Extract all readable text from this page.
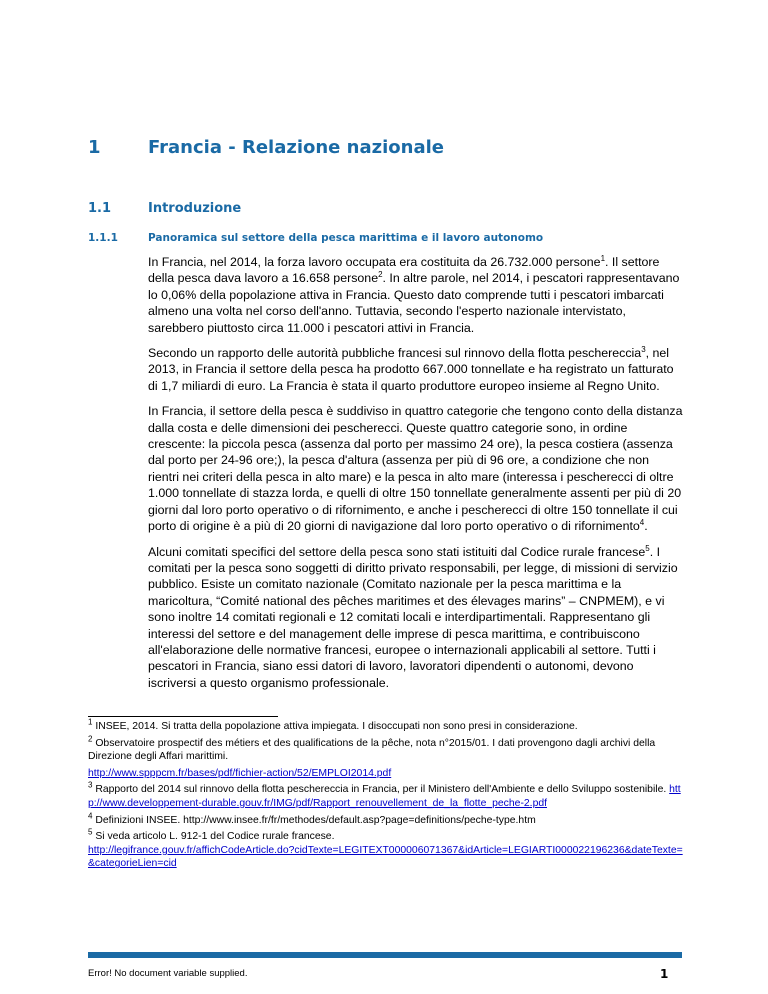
1	Francia - Relazione nazionale
1.1	Introduzione
1.1.1	Panoramica sul settore della pesca marittima e il lavoro autonomo

In Francia, nel 2014, la forza lavoro occupata era costituita da 26.732.000 persone$^1$. Il settore della pesca dava lavoro a 16.658 persone$^2$. In altre parole, nel 2014, i pescatori rappresentavano lo 0,06% della popolazione attiva in Francia. Questo dato comprende tutti i pescatori imbarcati almeno una volta nel corso dell'anno. Tuttavia, secondo l'esperto nazionale intervistato, sarebbero piuttosto circa 11.000 i pescatori attivi in Francia.

Secondo un rapporto delle autorità pubbliche francesi sul rinnovo della flotta peschereccia$^3$, nel 2013, in Francia il settore della pesca ha prodotto 667.000 tonnellate e ha registrato un fatturato di 1,7 miliardi di euro. La Francia è stata il quarto produttore europeo insieme al Regno Unito.

In Francia, il settore della pesca è suddiviso in quattro categorie che tengono conto della distanza dalla costa e delle dimensioni dei pescherecci. Queste quattro categorie sono, in ordine crescente: la piccola pesca (assenza dal porto per massimo 24 ore), la pesca costiera (assenza dal porto per 24-96 ore;), la pesca d'altura (assenza per più di 96 ore, a condizione che non rientri nei criteri della pesca in alto mare) e la pesca in alto mare (interessa i pescherecci di oltre 1.000 tonnellate di stazza lorda, e quelli di oltre 150 tonnellate generalmente assenti per più di 20 giorni dal loro porto operativo o di rifornimento, e anche i pescherecci di oltre 150 tonnellate il cui porto di origine è a più di 20 giorni di navigazione dal loro porto operativo o di rifornimento$^4$.

Alcuni comitati specifici del settore della pesca sono stati istituiti dal Codice rurale francese$^5$. I comitati per la pesca sono soggetti di diritto privato responsabili, per legge, di missioni di servizio pubblico. Esiste un comitato nazionale (Comitato nazionale per la pesca marittima e la maricoltura, “Comité national des pêches maritimes et des élevages marins” – CNPMEM), e vi sono inoltre 14 comitati regionali e 12 comitati locali e interdipartimentali. Rappresentano gli interessi del settore e del management delle imprese di pesca marittima, e contribuiscono all'elaborazione delle normative francesi, europee o internazionali applicabili al settore. Tutti i pescatori in Francia, siano essi datori di lavoro, lavoratori dipendenti o autonomi, devono iscriversi a questo organismo professionale.

$^1$ INSEE, 2014. Si tratta della popolazione attiva impiegata. I disoccupati non sono presi in considerazione.
$^2$ Observatoire prospectif des métiers et des qualifications de la pêche, nota n°2015/01. I dati provengono dagli archivi della Direzione degli Affari marittimi.
http://www.spppcm.fr/bases/pdf/fichier-action/52/EMPLOI2014.pdf
$^3$ Rapporto del 2014 sul rinnovo della flotta peschereccia in Francia, per il Ministero dell'Ambiente e dello Sviluppo sostenibile. http://www.developpement-durable.gouv.fr/IMG/pdf/Rapport_renouvellement_de_la_flotte_peche-2.pdf
$^4$ Definizioni INSEE. http://www.insee.fr/fr/methodes/default.asp?page=definitions/peche-type.htm
$^5$ Si veda articolo L. 912-1 del Codice rurale francese.
http://legifrance.gouv.fr/affichCodeArticle.do?cidTexte=LEGITEXT000006071367&idArticle=LEGIARTI000022196236&dateTexte=&categorieLien=cid
Error! No document variable supplied.	1
